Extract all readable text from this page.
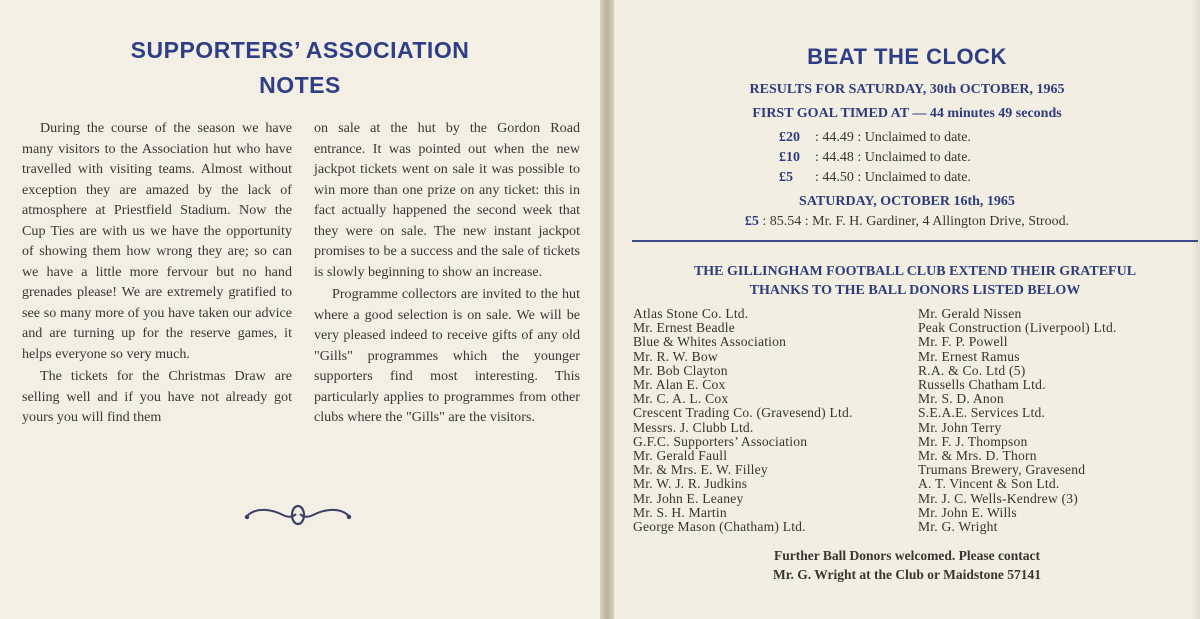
SUPPORTERS’ ASSOCIATION
NOTES

During the course of the season we have many visitors to the Association hut who have travelled with visiting teams. Almost without exception they are amazed by the lack of atmosphere at Priestfield Stadium. Now the Cup Ties are with us we have the opportunity of showing them how wrong they are; so can we have a little more fervour but no hand grenades please! We are extremely gratified to see so many more of you have taken our advice and are turning up for the reserve games, it helps everyone so very much.

The tickets for the Christmas Draw are selling well and if you have not already got yours you will find them

on sale at the hut by the Gordon Road entrance. It was pointed out when the new jackpot tickets went on sale it was possible to win more than one prize on any ticket: this in fact actually happened the second week that they were on sale. The new instant jackpot promises to be a success and the sale of tickets is slowly beginning to show an increase.

Programme collectors are invited to the hut where a good selection is on sale. We will be very pleased indeed to receive gifts of any old "Gills" programmes which the younger supporters find most interesting. This particularly applies to programmes from other clubs where the "Gills" are the visitors.

BEAT THE CLOCK
RESULTS FOR SATURDAY, 30th OCTOBER, 1965
FIRST GOAL TIMED AT — 44 minutes 49 seconds
£20 : 44.49 : Unclaimed to date.
£10 : 44.48 : Unclaimed to date.
£5 : 44.50 : Unclaimed to date.
SATURDAY, OCTOBER 16th, 1965
£5 : 85.54 : Mr. F. H. Gardiner, 4 Allington Drive, Strood.
THE GILLINGHAM FOOTBALL CLUB EXTEND THEIR GRATEFUL
THANKS TO THE BALL DONORS LISTED BELOW
Atlas Stone Co. Ltd.
Mr. Ernest Beadle
Blue & Whites Association
Mr. R. W. Bow
Mr. Bob Clayton
Mr. Alan E. Cox
Mr. C. A. L. Cox
Crescent Trading Co. (Gravesend) Ltd.
Messrs. J. Clubb Ltd.
G.F.C. Supporters’ Association
Mr. Gerald Faull
Mr. & Mrs. E. W. Filley
Mr. W. J. R. Judkins
Mr. John E. Leaney
Mr. S. H. Martin
George Mason (Chatham) Ltd.
Mr. Gerald Nissen
Peak Construction (Liverpool) Ltd.
Mr. F. P. Powell
Mr. Ernest Ramus
R.A. & Co. Ltd (5)
Russells Chatham Ltd.
Mr. S. D. Anon
S.E.A.E. Services Ltd.
Mr. John Terry
Mr. F. J. Thompson
Mr. & Mrs. D. Thorn
Trumans Brewery, Gravesend
A. T. Vincent & Son Ltd.
Mr. J. C. Wells-Kendrew (3)
Mr. John E. Wills
Mr. G. Wright
Further Ball Donors welcomed. Please contact
Mr. G. Wright at the Club or Maidstone 57141
